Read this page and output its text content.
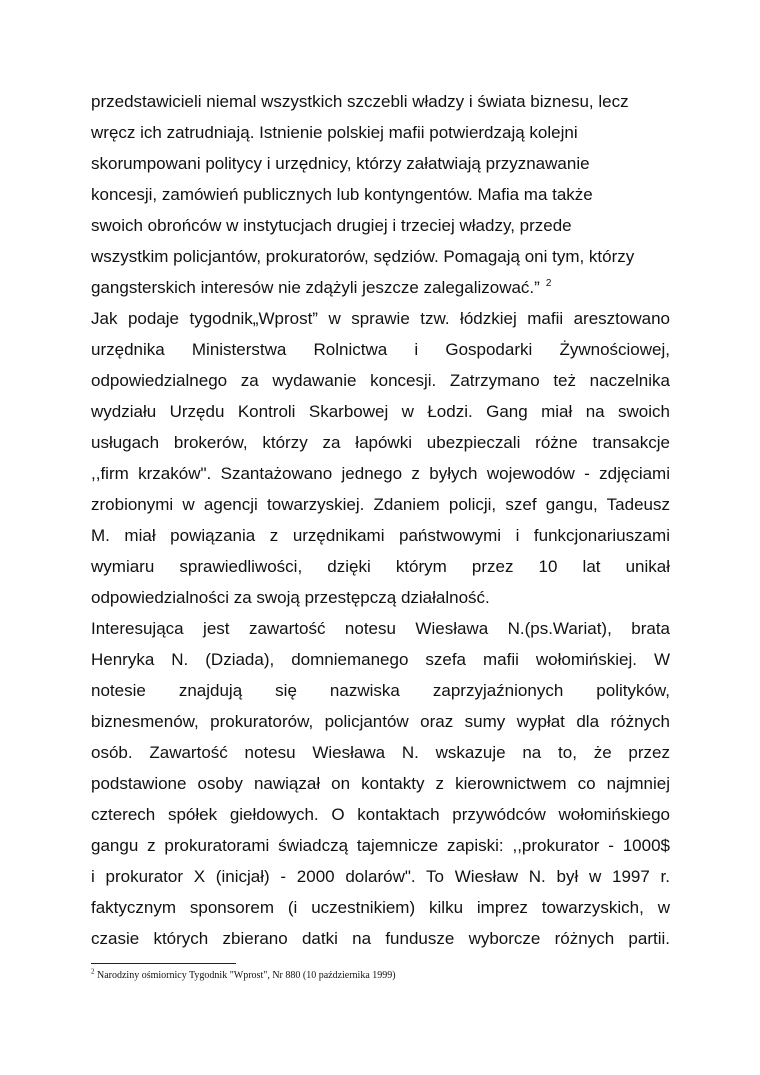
przedstawicieli niemal wszystkich szczebli władzy i świata biznesu, lecz
wręcz ich zatrudniają. Istnienie polskiej mafii potwierdzają kolejni
skorumpowani politycy i urzędnicy, którzy załatwiają przyznawanie
koncesji, zamówień publicznych lub kontyngentów. Mafia ma także
swoich obrońców w instytucjach drugiej i trzeciej władzy, przede
wszystkim policjantów, prokuratorów, sędziów. Pomagają oni tym, którzy
gangsterskich interesów nie zdążyli jeszcze zalegalizować.” $^2$
Jak podaje tygodnik„Wprost” w sprawie tzw. łódzkiej mafii aresztowano
urzędnika Ministerstwa Rolnictwa i Gospodarki Żywnościowej,
odpowiedzialnego za wydawanie koncesji. Zatrzymano też naczelnika
wydziału Urzędu Kontroli Skarbowej w Łodzi. Gang miał na swoich
usługach brokerów, którzy za łapówki ubezpieczali różne transakcje
,,firm krzaków". Szantażowano jednego z byłych wojewodów - zdjęciami
zrobionymi w agencji towarzyskiej. Zdaniem policji, szef gangu, Tadeusz
M. miał powiązania z urzędnikami państwowymi i funkcjonariuszami
wymiaru sprawiedliwości, dzięki którym przez 10 lat unikał
odpowiedzialności za swoją przestępczą działalność.
Interesująca jest zawartość notesu Wiesława N.(ps.Wariat), brata
Henryka N. (Dziada), domniemanego szefa mafii wołomińskiej. W
notesie znajdują się nazwiska zaprzyjaźnionych polityków,
biznesmenów, prokuratorów, policjantów oraz sumy wypłat dla różnych
osób. Zawartość notesu Wiesława N. wskazuje na to, że przez
podstawione osoby nawiązał on kontakty z kierownictwem co najmniej
czterech spółek giełdowych. O kontaktach przywódców wołomińskiego
gangu z prokuratorami świadczą tajemnicze zapiski: ,,prokurator - 1000$
i prokurator X (inicjał) - 2000 dolarów". To Wiesław N. był w 1997 r.
faktycznym sponsorem (i uczestnikiem) kilku imprez towarzyskich, w
czasie których zbierano datki na fundusze wyborcze różnych partii.
$^2$ Narodziny ośmiornicy Tygodnik "Wprost", Nr 880 (10 października 1999)
